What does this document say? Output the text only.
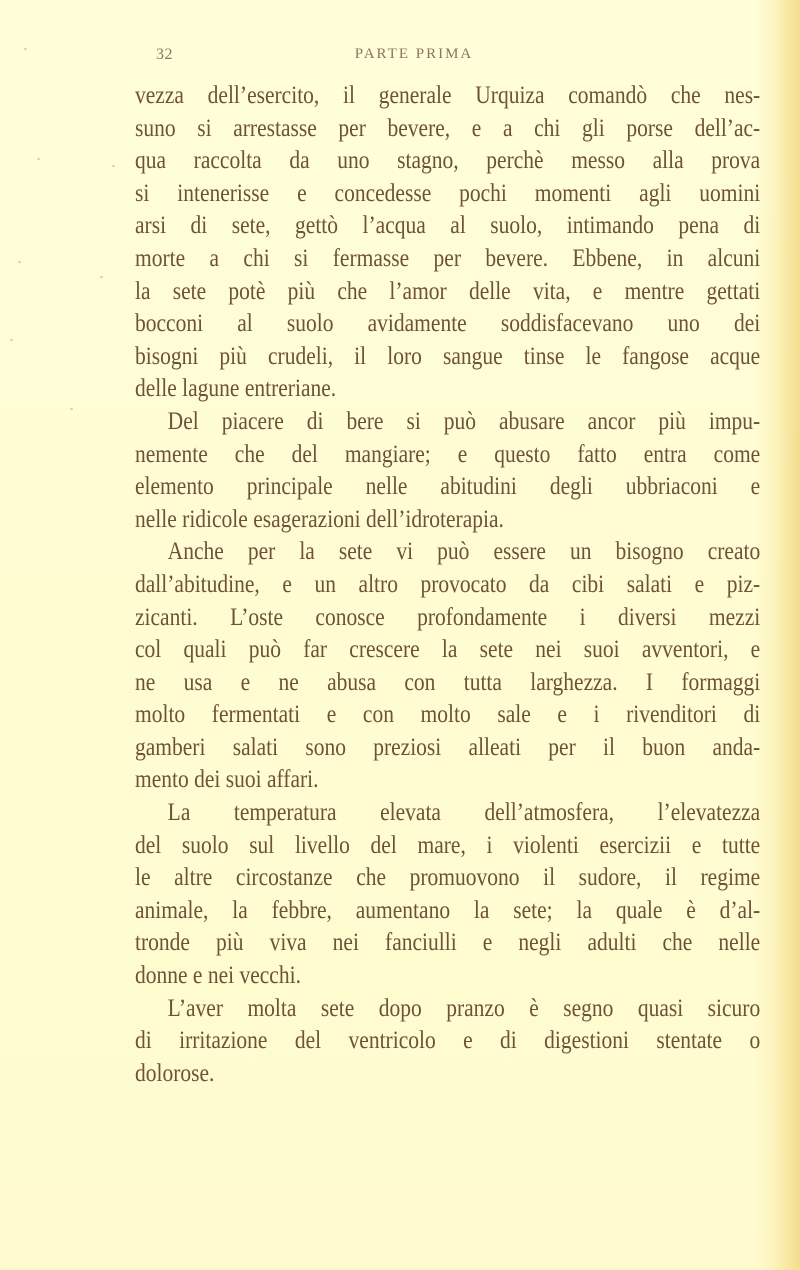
32	PARTE PRIMA
vezza dell’esercito, il generale Urquiza comandò che nes-
suno si arrestasse per bevere, e a chi gli porse dell’ac-
qua raccolta da uno stagno, perchè messo alla prova
si intenerisse e concedesse pochi momenti agli uomini
arsi di sete, gettò l’acqua al suolo, intimando pena di
morte a chi si fermasse per bevere. Ebbene, in alcuni
la sete potè più che l’amor delle vita, e mentre gettati
bocconi al suolo avidamente soddisfacevano uno dei
bisogni più crudeli, il loro sangue tinse le fangose acque
delle lagune entreriane.
Del piacere di bere si può abusare ancor più impu-
nemente che del mangiare; e questo fatto entra come
elemento principale nelle abitudini degli ubbriaconi e
nelle ridicole esagerazioni dell’idroterapia.
Anche per la sete vi può essere un bisogno creato
dall’abitudine, e un altro provocato da cibi salati e piz-
zicanti. L’oste conosce profondamente i diversi mezzi
col quali può far crescere la sete nei suoi avventori, e
ne usa e ne abusa con tutta larghezza. I formaggi
molto fermentati e con molto sale e i rivenditori di
gamberi salati sono preziosi alleati per il buon anda-
mento dei suoi affari.
La temperatura elevata dell’atmosfera, l’elevatezza
del suolo sul livello del mare, i violenti esercizii e tutte
le altre circostanze che promuovono il sudore, il regime
animale, la febbre, aumentano la sete; la quale è d’al-
tronde più viva nei fanciulli e negli adulti che nelle
donne e nei vecchi.
L’aver molta sete dopo pranzo è segno quasi sicuro
di irritazione del ventricolo e di digestioni stentate o
dolorose.
